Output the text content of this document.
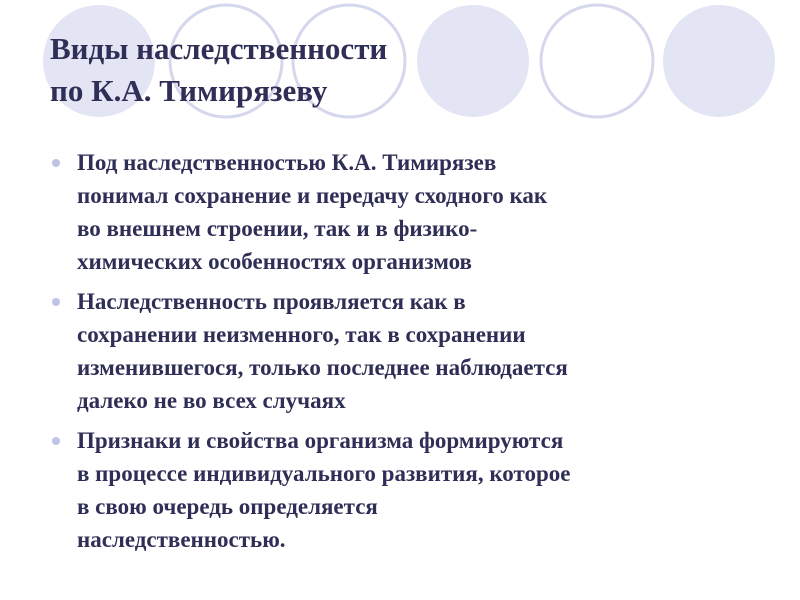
Виды наследственности
по К.А. Тимирязеву
Под наследственностью К.А. Тимирязев
понимал сохранение и передачу сходного как
во внешнем строении, так и в физико-
химических особенностях организмов
Наследственность проявляется как в
сохранении неизменного, так в сохранении
изменившегося, только последнее наблюдается
далеко не во всех случаях
Признаки и свойства организма формируются
в процессе индивидуального развития, которое
в свою очередь определяется
наследственностью.
